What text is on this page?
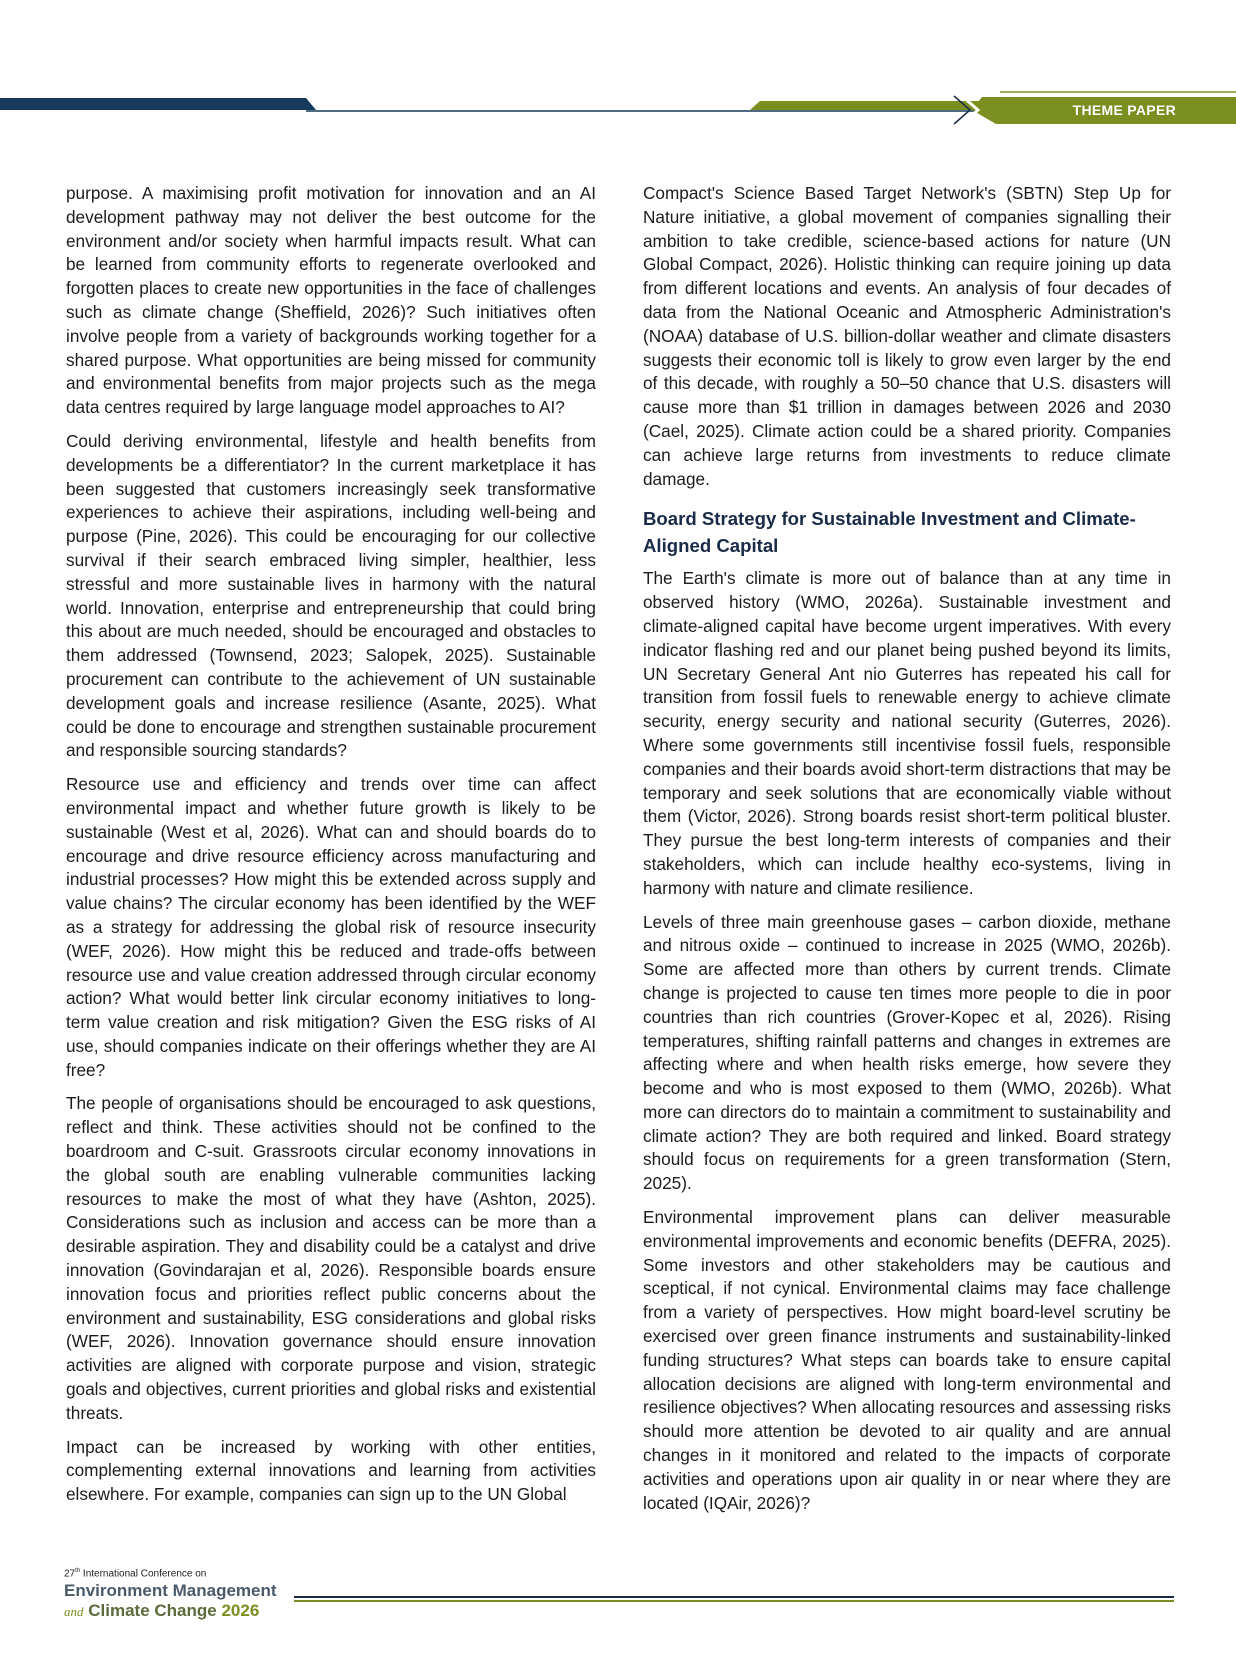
THEME PAPER

purpose. A maximising profit motivation for innovation and an AI development pathway may not deliver the best outcome for the environment and/or society when harmful impacts result. What can be learned from community efforts to regenerate overlooked and forgotten places to create new opportunities in the face of challenges such as climate change (Sheffield, 2026)? Such initiatives often involve people from a variety of backgrounds working together for a shared purpose. What opportunities are being missed for community and environmental benefits from major projects such as the mega data centres required by large language model approaches to AI?

Could deriving environmental, lifestyle and health benefits from developments be a differentiator? In the current marketplace it has been suggested that customers increasingly seek transformative experiences to achieve their aspirations, including well-being and purpose (Pine, 2026). This could be encouraging for our collective survival if their search embraced living simpler, healthier, less stressful and more sustainable lives in harmony with the natural world. Innovation, enterprise and entrepreneurship that could bring this about are much needed, should be encouraged and obstacles to them addressed (Townsend, 2023; Salopek, 2025). Sustainable procurement can contribute to the achievement of UN sustainable development goals and increase resilience (Asante, 2025). What could be done to encourage and strengthen sustainable procurement and responsible sourcing standards?

Resource use and efficiency and trends over time can affect environmental impact and whether future growth is likely to be sustainable (West et al, 2026). What can and should boards do to encourage and drive resource efficiency across manufacturing and industrial processes? How might this be extended across supply and value chains? The circular economy has been identified by the WEF as a strategy for addressing the global risk of resource insecurity (WEF, 2026). How might this be reduced and trade-offs between resource use and value creation addressed through circular economy action? What would better link circular economy initiatives to long-term value creation and risk mitigation? Given the ESG risks of AI use, should companies indicate on their offerings whether they are AI free?

The people of organisations should be encouraged to ask questions, reflect and think. These activities should not be confined to the boardroom and C-suit. Grassroots circular economy innovations in the global south are enabling vulnerable communities lacking resources to make the most of what they have (Ashton, 2025). Considerations such as inclusion and access can be more than a desirable aspiration. They and disability could be a catalyst and drive innovation (Govindarajan et al, 2026). Responsible boards ensure innovation focus and priorities reflect public concerns about the environment and sustainability, ESG considerations and global risks (WEF, 2026). Innovation governance should ensure innovation activities are aligned with corporate purpose and vision, strategic goals and objectives, current priorities and global risks and existential threats.

Impact can be increased by working with other entities, complementing external innovations and learning from activities elsewhere. For example, companies can sign up to the UN Global

Compact's Science Based Target Network's (SBTN) Step Up for Nature initiative, a global movement of companies signalling their ambition to take credible, science-based actions for nature (UN Global Compact, 2026). Holistic thinking can require joining up data from different locations and events. An analysis of four decades of data from the National Oceanic and Atmospheric Administration's (NOAA) database of U.S. billion-dollar weather and climate disasters suggests their economic toll is likely to grow even larger by the end of this decade, with roughly a 50–50 chance that U.S. disasters will cause more than $1 trillion in damages between 2026 and 2030 (Cael, 2025). Climate action could be a shared priority. Companies can achieve large returns from investments to reduce climate damage.

Board Strategy for Sustainable Investment and Climate-Aligned Capital

The Earth's climate is more out of balance than at any time in observed history (WMO, 2026a). Sustainable investment and climate-aligned capital have become urgent imperatives. With every indicator flashing red and our planet being pushed beyond its limits, UN Secretary General Ant nio Guterres has repeated his call for transition from fossil fuels to renewable energy to achieve climate security, energy security and national security (Guterres, 2026). Where some governments still incentivise fossil fuels, responsible companies and their boards avoid short-term distractions that may be temporary and seek solutions that are economically viable without them (Victor, 2026). Strong boards resist short-term political bluster. They pursue the best long-term interests of companies and their stakeholders, which can include healthy eco-systems, living in harmony with nature and climate resilience.

Levels of three main greenhouse gases – carbon dioxide, methane and nitrous oxide – continued to increase in 2025 (WMO, 2026b). Some are affected more than others by current trends. Climate change is projected to cause ten times more people to die in poor countries than rich countries (Grover-Kopec et al, 2026). Rising temperatures, shifting rainfall patterns and changes in extremes are affecting where and when health risks emerge, how severe they become and who is most exposed to them (WMO, 2026b). What more can directors do to maintain a commitment to sustainability and climate action? They are both required and linked. Board strategy should focus on requirements for a green transformation (Stern, 2025).

Environmental improvement plans can deliver measurable environmental improvements and economic benefits (DEFRA, 2025). Some investors and other stakeholders may be cautious and sceptical, if not cynical. Environmental claims may face challenge from a variety of perspectives. How might board-level scrutiny be exercised over green finance instruments and sustainability-linked funding structures? What steps can boards take to ensure capital allocation decisions are aligned with long-term environmental and resilience objectives? When allocating resources and assessing risks should more attention be devoted to air quality and are annual changes in it monitored and related to the impacts of corporate activities and operations upon air quality in or near where they are located (IQAir, 2026)?

27th International Conference on
Environment Management
and Climate Change 2026
